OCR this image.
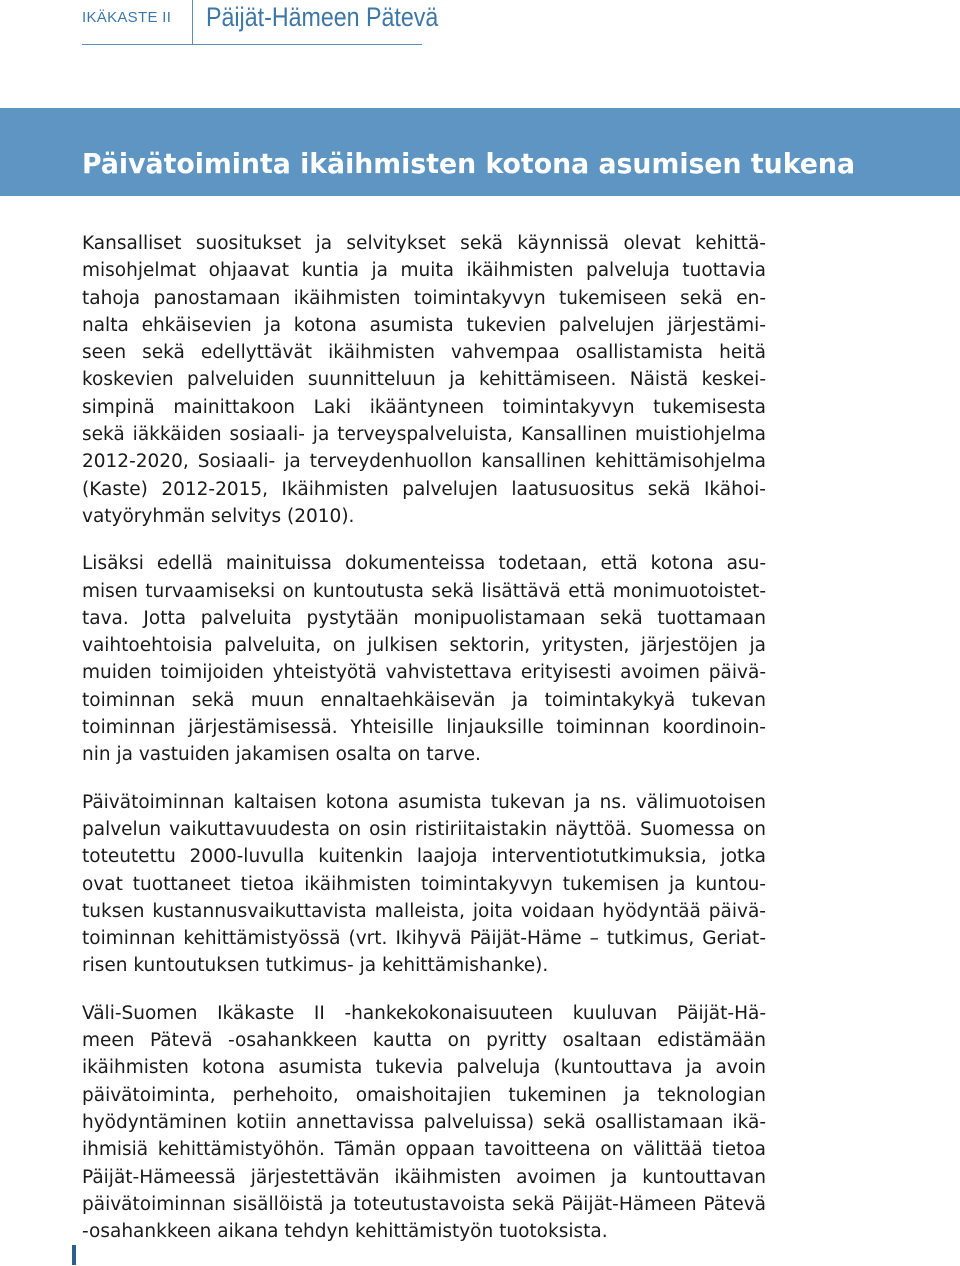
IKÄKASTE II Päijät-Hämeen Pätevä
Päivätoiminta ikäihmisten kotona asumisen tukena

Kansalliset suositukset ja selvitykset sekä käynnissä olevat kehittä-
misohjelmat ohjaavat kuntia ja muita ikäihmisten palveluja tuottavia
tahoja panostamaan ikäihmisten toimintakyvyn tukemiseen sekä en-
nalta ehkäisevien ja kotona asumista tukevien palvelujen järjestämi-
seen sekä edellyttävät ikäihmisten vahvempaa osallistamista heitä
koskevien palveluiden suunnitteluun ja kehittämiseen. Näistä keskei-
simpinä mainittakoon Laki ikääntyneen toimintakyvyn tukemisesta
sekä iäkkäiden sosiaali- ja terveyspalveluista, Kansallinen muistiohjelma
2012-2020, Sosiaali- ja terveydenhuollon kansallinen kehittämisohjelma
(Kaste) 2012-2015, Ikäihmisten palvelujen laatusuositus sekä Ikähoi-
vatyöryhmän selvitys (2010).

Lisäksi edellä mainituissa dokumenteissa todetaan, että kotona asu-
misen turvaamiseksi on kuntoutusta sekä lisättävä että monimuotoistet-
tava. Jotta palveluita pystytään monipuolistamaan sekä tuottamaan
vaihtoehtoisia palveluita, on julkisen sektorin, yritysten, järjestöjen ja
muiden toimijoiden yhteistyötä vahvistettava erityisesti avoimen päivä-
toiminnan sekä muun ennaltaehkäisevän ja toimintakykyä tukevan
toiminnan järjestämisessä. Yhteisille linjauksille toiminnan koordinoin-
nin ja vastuiden jakamisen osalta on tarve.

Päivätoiminnan kaltaisen kotona asumista tukevan ja ns. välimuotoisen
palvelun vaikuttavuudesta on osin ristiriitaistakin näyttöä. Suomessa on
toteutettu 2000-luvulla kuitenkin laajoja interventiotutkimuksia, jotka
ovat tuottaneet tietoa ikäihmisten toimintakyvyn tukemisen ja kuntou-
tuksen kustannusvaikuttavista malleista, joita voidaan hyödyntää päivä-
toiminnan kehittämistyössä (vrt. Ikihyvä Päijät-Häme – tutkimus, Geriat-
risen kuntoutuksen tutkimus- ja kehittämishanke).

Väli-Suomen Ikäkaste II -hankekokonaisuuteen kuuluvan Päijät-Hä-
meen Pätevä -osahankkeen kautta on pyritty osaltaan edistämään
ikäihmisten kotona asumista tukevia palveluja (kuntouttava ja avoin
päivätoiminta, perhehoito, omaishoitajien tukeminen ja teknologian
hyödyntäminen kotiin annettavissa palveluissa) sekä osallistamaan ikä-
ihmisiä kehittämistyöhön. Tämän oppaan tavoitteena on välittää tietoa
Päijät-Hämeessä järjestettävän ikäihmisten avoimen ja kuntouttavan
päivätoiminnan sisällöistä ja toteutustavoista sekä Päijät-Hämeen Pätevä
-osahankkeen aikana tehdyn kehittämistyön tuotoksista.
